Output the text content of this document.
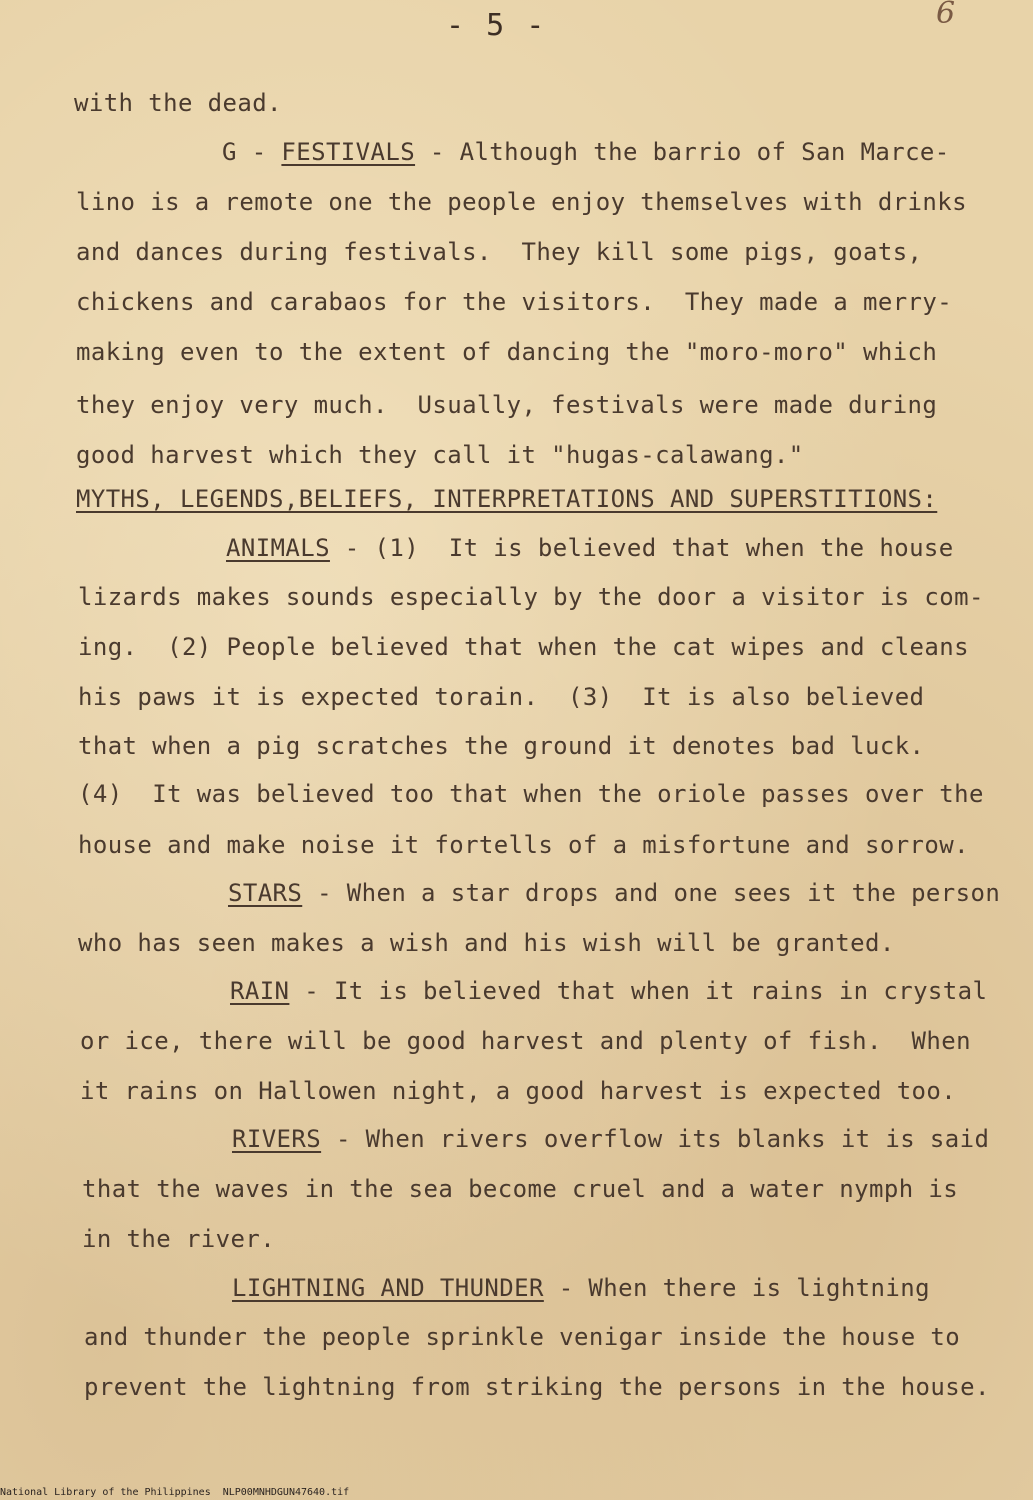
- 5 -	6
with the dead.
G - FESTIVALS - Although the barrio of San Marce-
lino is a remote one the people enjoy themselves with drinks
and dances during festivals.  They kill some pigs, goats,
chickens and carabaos for the visitors.  They made a merry-
making even to the extent of dancing the "moro-moro" which
they enjoy very much.  Usually, festivals were made during
good harvest which they call it "hugas-calawang."
MYTHS, LEGENDS,BELIEFS, INTERPRETATIONS AND SUPERSTITIONS:
ANIMALS - (1)  It is believed that when the house
lizards makes sounds especially by the door a visitor is com-
ing.  (2) People believed that when the cat wipes and cleans
his paws it is expected torain.  (3)  It is also believed
that when a pig scratches the ground it denotes bad luck.
(4)  It was believed too that when the oriole passes over the
house and make noise it fortells of a misfortune and sorrow.
STARS - When a star drops and one sees it the person
who has seen makes a wish and his wish will be granted.
RAIN - It is believed that when it rains in crystal
or ice, there will be good harvest and plenty of fish.  When
it rains on Hallowen night, a good harvest is expected too.
RIVERS - When rivers overflow its blanks it is said
that the waves in the sea become cruel and a water nymph is
in the river.
LIGHTNING AND THUNDER - When there is lightning
and thunder the people sprinkle venigar inside the house to
prevent the lightning from striking the persons in the house.
National Library of the Philippines NLP00MNHDGUN47640.tif
